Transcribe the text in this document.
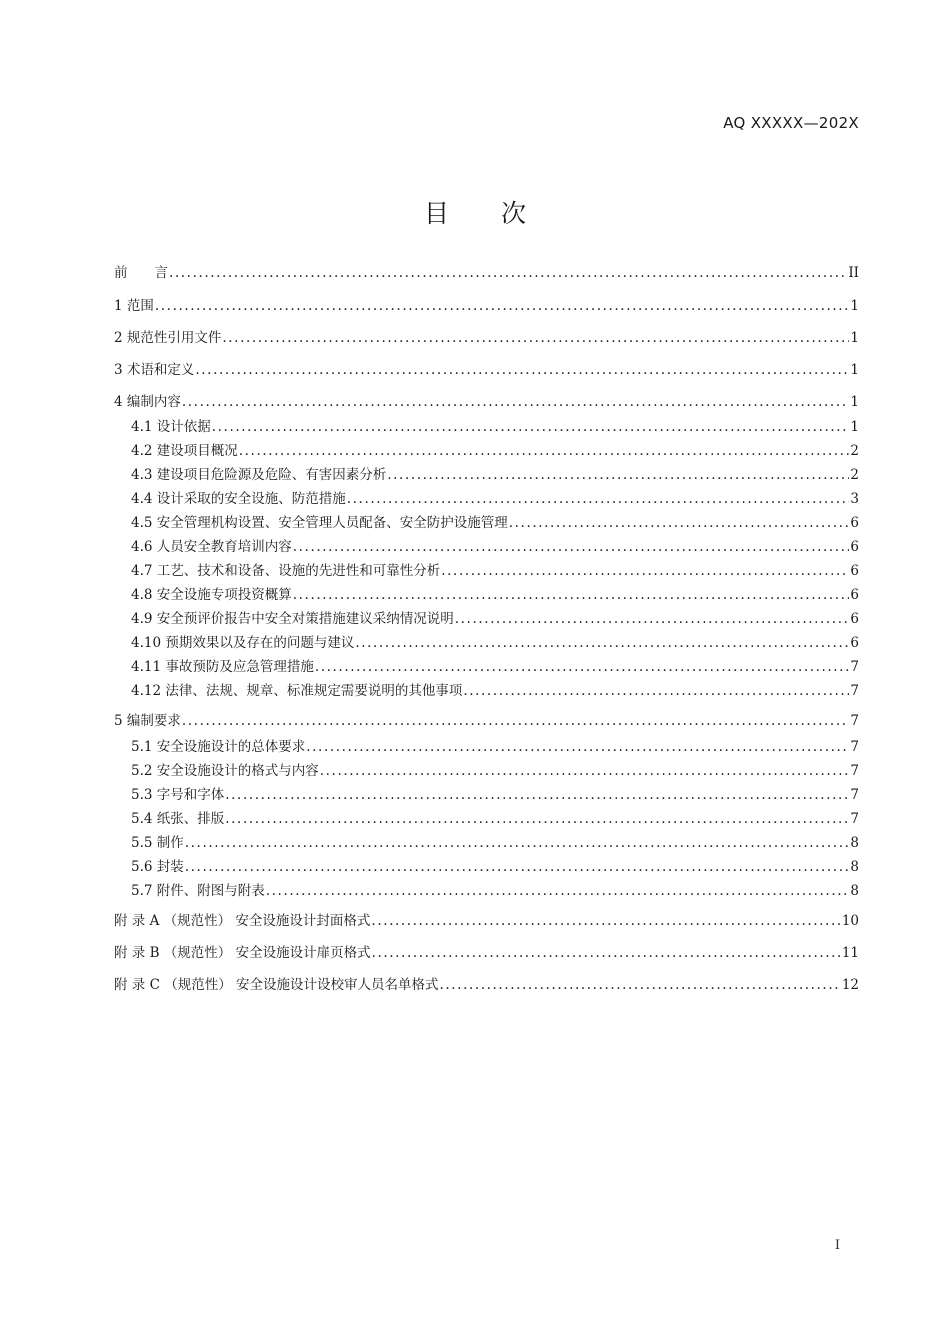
AQ XXXXX—202X
目 次
前　　言 .....	II
1 范围 .....	1
2 规范性引用文件 .....	1
3 术语和定义 .....	1
4 编制内容 .....	1
4.1 设计依据 .....	1
4.2 建设项目概况 .....	2
4.3 建设项目危险源及危险、有害因素分析 .....	2
4.4 设计采取的安全设施、防范措施 .....	3
4.5 安全管理机构设置、安全管理人员配备、安全防护设施管理 .....	6
4.6 人员安全教育培训内容 .....	6
4.7 工艺、技术和设备、设施的先进性和可靠性分析 .....	6
4.8 安全设施专项投资概算 .....	6
4.9 安全预评价报告中安全对策措施建议采纳情况说明 .....	6
4.10 预期效果以及存在的问题与建议 .....	6
4.11 事故预防及应急管理措施 .....	7
4.12 法律、法规、规章、标准规定需要说明的其他事项 .....	7
5 编制要求 .....	7
5.1 安全设施设计的总体要求 .....	7
5.2 安全设施设计的格式与内容 .....	7
5.3 字号和字体 .....	7
5.4 纸张、排版 .....	7
5.5 制作 .....	8
5.6 封装 .....	8
5.7 附件、附图与附表 .....	8
附 录 A （规范性） 安全设施设计封面格式 .....	10
附 录 B （规范性） 安全设施设计扉页格式 .....	11
附 录 C （规范性） 安全设施设计设校审人员名单格式 .....	12
I
